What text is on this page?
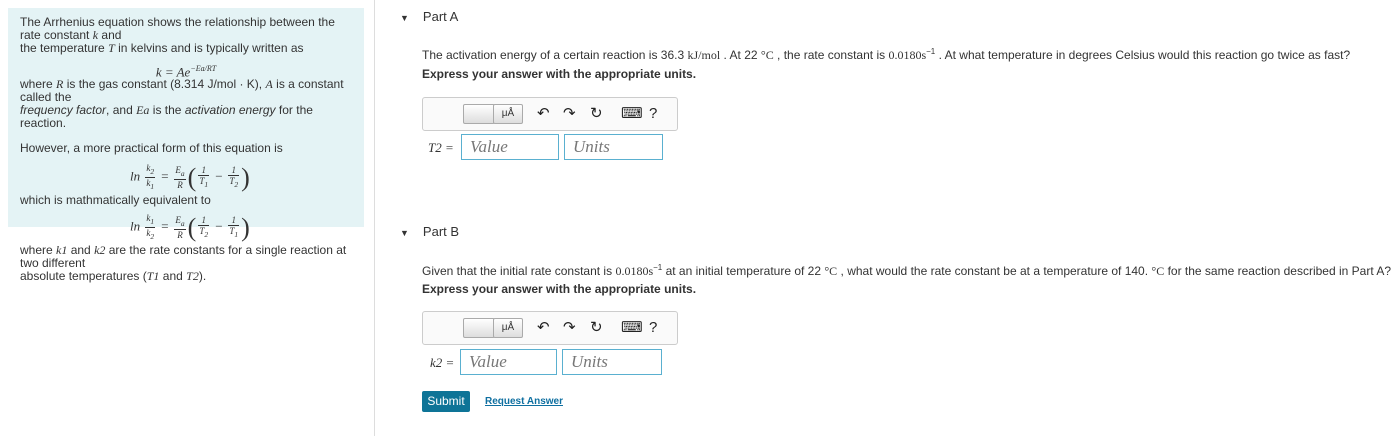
The Arrhenius equation shows the relationship between the rate constant k and
the temperature T in kelvins and is typically written as

$k = Ae^{-Ea/RT}$

where R is the gas constant (8.314 J/mol · K), A is a constant called the
frequency factor, and Ea is the activation energy for the reaction.

However, a more practical form of this equation is

$\ln \frac{k_2}{k_1} = \frac{E_a}{R}$ ( $\frac{1}{T_1} - \frac{1}{T_2}$ )

which is mathmatically equivalent to

$\ln \frac{k_1}{k_2} = \frac{E_a}{R}$ ( $\frac{1}{T_2} - \frac{1}{T_1}$ )

where k1 and k2 are the rate constants for a single reaction at two different
absolute temperatures (T1 and T2).

▼ Part A
The activation energy of a certain reaction is 36.3 kJ/mol . At 22 °C , the rate constant is $0.0180s^{-1}$ . At what temperature in degrees Celsius would this reaction go twice as fast?
Express your answer with the appropriate units.
μÅ	↶ ↷ ↻ ⌨ ?
T2 = Value	Units
▼ Part B
Given that the initial rate constant is $0.0180s^{-1}$ at an initial temperature of 22 °C , what would the rate constant be at a temperature of 140. °C for the same reaction described in Part A?
Express your answer with the appropriate units.
μÅ	↶ ↷ ↻ ⌨ ?
k2 = Value	Units
Submit	Request Answer
